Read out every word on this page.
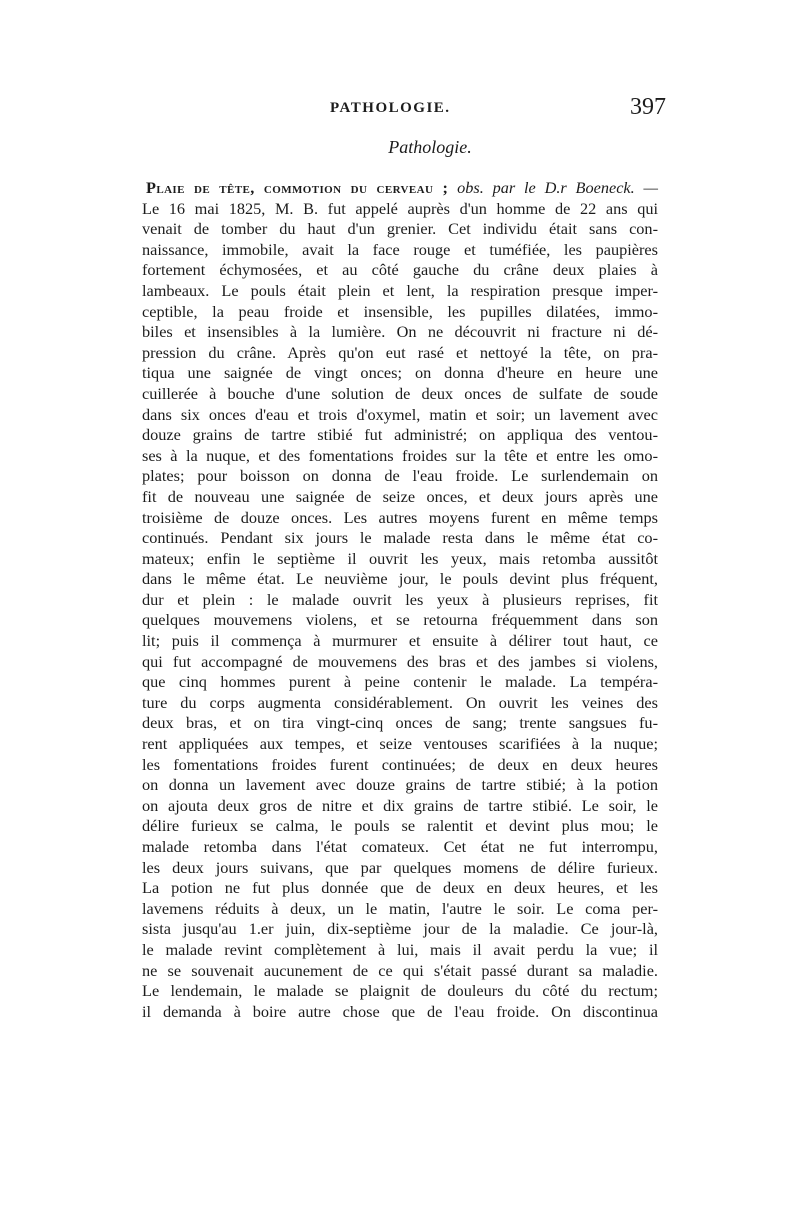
PATHOLOGIE.	397
Pathologie.
Plaie de tête, commotion du cerveau ; obs. par le D.r Boeneck. —
Le 16 mai 1825, M. B. fut appelé auprès d'un homme de 22 ans qui
venait de tomber du haut d'un grenier. Cet individu était sans con-
naissance, immobile, avait la face rouge et tuméfiée, les paupières
fortement échymosées, et au côté gauche du crâne deux plaies à
lambeaux. Le pouls était plein et lent, la respiration presque imper-
ceptible, la peau froide et insensible, les pupilles dilatées, immo-
biles et insensibles à la lumière. On ne découvrit ni fracture ni dé-
pression du crâne. Après qu'on eut rasé et nettoyé la tête, on pra-
tiqua une saignée de vingt onces; on donna d'heure en heure une
cuillerée à bouche d'une solution de deux onces de sulfate de soude
dans six onces d'eau et trois d'oxymel, matin et soir; un lavement avec
douze grains de tartre stibié fut administré; on appliqua des ventou-
ses à la nuque, et des fomentations froides sur la tête et entre les omo-
plates; pour boisson on donna de l'eau froide. Le surlendemain on
fit de nouveau une saignée de seize onces, et deux jours après une
troisième de douze onces. Les autres moyens furent en même temps
continués. Pendant six jours le malade resta dans le même état co-
mateux; enfin le septième il ouvrit les yeux, mais retomba aussitôt
dans le même état. Le neuvième jour, le pouls devint plus fréquent,
dur et plein : le malade ouvrit les yeux à plusieurs reprises, fit
quelques mouvemens violens, et se retourna fréquemment dans son
lit; puis il commença à murmurer et ensuite à délirer tout haut, ce
qui fut accompagné de mouvemens des bras et des jambes si violens,
que cinq hommes purent à peine contenir le malade. La tempéra-
ture du corps augmenta considérablement. On ouvrit les veines des
deux bras, et on tira vingt-cinq onces de sang; trente sangsues fu-
rent appliquées aux tempes, et seize ventouses scarifiées à la nuque;
les fomentations froides furent continuées; de deux en deux heures
on donna un lavement avec douze grains de tartre stibié; à la potion
on ajouta deux gros de nitre et dix grains de tartre stibié. Le soir, le
délire furieux se calma, le pouls se ralentit et devint plus mou; le
malade retomba dans l'état comateux. Cet état ne fut interrompu,
les deux jours suivans, que par quelques momens de délire furieux.
La potion ne fut plus donnée que de deux en deux heures, et les
lavemens réduits à deux, un le matin, l'autre le soir. Le coma per-
sista jusqu'au 1.er juin, dix-septième jour de la maladie. Ce jour-là,
le malade revint complètement à lui, mais il avait perdu la vue; il
ne se souvenait aucunement de ce qui s'était passé durant sa maladie.
Le lendemain, le malade se plaignit de douleurs du côté du rectum;
il demanda à boire autre chose que de l'eau froide. On discontinua
